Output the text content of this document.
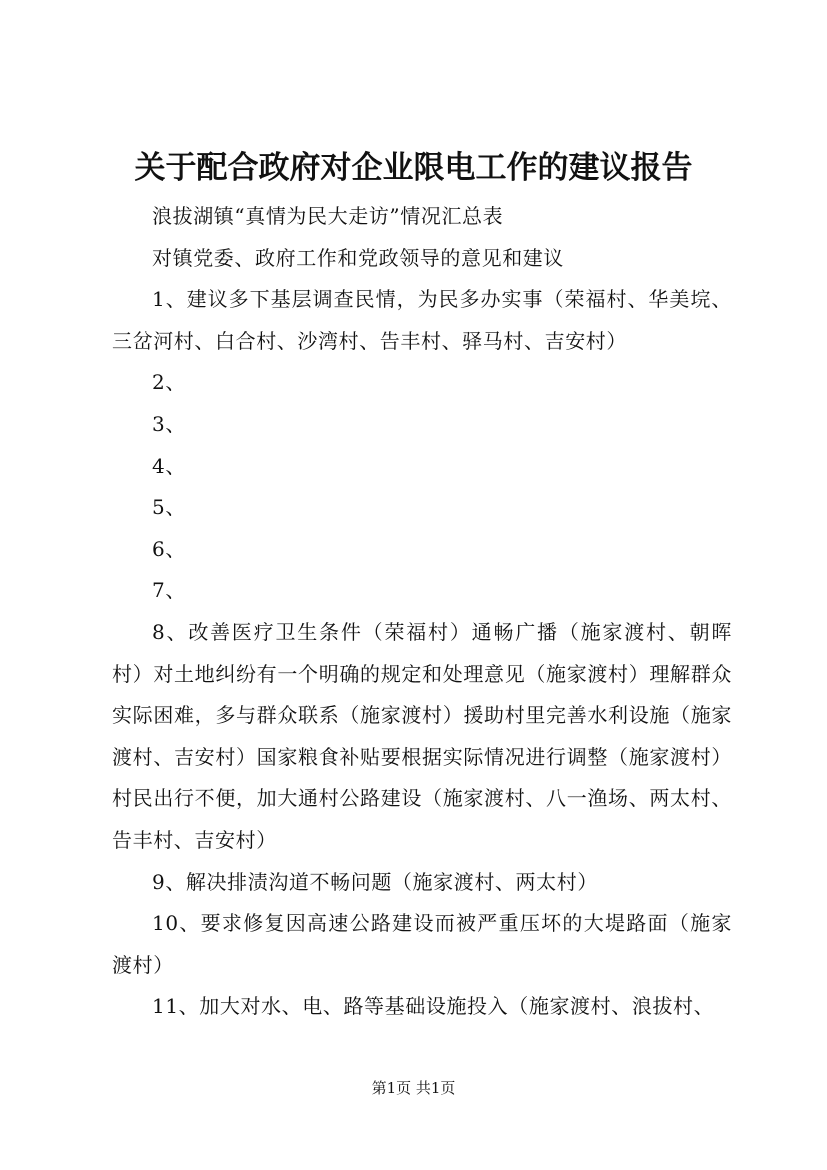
关于配合政府对企业限电工作的建议报告

浪拔湖镇“真情为民大走访”情况汇总表

对镇党委、政府工作和党政领导的意见和建议

1、建议多下基层调查民情，为民多办实事（荣福村、华美垸、三岔河村、白合村、沙湾村、告丰村、驿马村、吉安村）

2、

3、

4、

5、

6、

7、

8、改善医疗卫生条件（荣福村）通畅广播（施家渡村、朝晖村）对土地纠纷有一个明确的规定和处理意见（施家渡村）理解群众实际困难，多与群众联系（施家渡村）援助村里完善水利设施（施家渡村、吉安村）国家粮食补贴要根据实际情况进行调整（施家渡村）村民出行不便，加大通村公路建设（施家渡村、八一渔场、两太村、告丰村、吉安村）

9、解决排渍沟道不畅问题（施家渡村、两太村）

10、要求修复因高速公路建设而被严重压坏的大堤路面（施家渡村）

11、加大对水、电、路等基础设施投入（施家渡村、浪拔村、

第1页 共1页
